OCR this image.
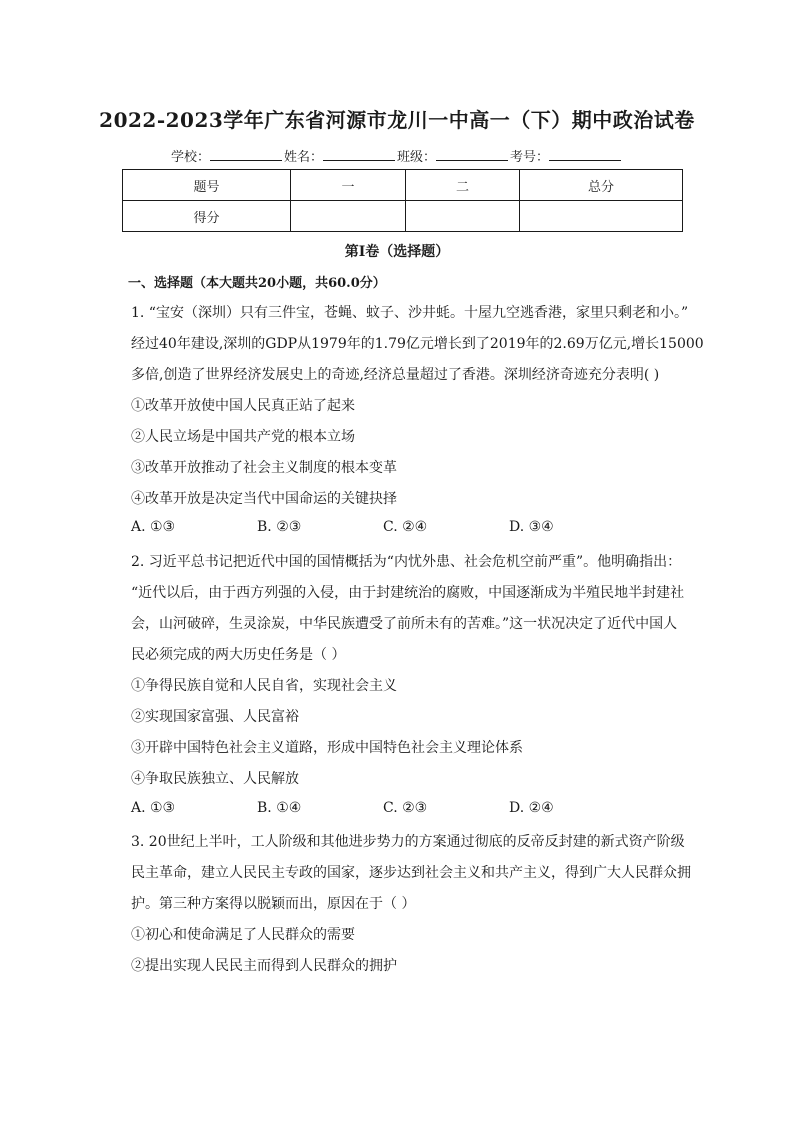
2022-2023学年广东省河源市龙川一中高一（下）期中政治试卷
学校：	姓名：	班级：	考号：
题号	一	二	总分
得分			
第I卷（选择题）
一、选择题（本大题共20小题，共60.0分）
1. “宝安（深圳）只有三件宝，苍蝇、蚊子、沙井蚝。十屋九空逃香港，家里只剩老和小。”
经过40年建设,深圳的GDP从1979年的1.79亿元增长到了2019年的2.69万亿元,增长15000
多倍,创造了世界经济发展史上的奇迹,经济总量超过了香港。深圳经济奇迹充分表明( )
①改革开放使中国人民真正站了起来
②人民立场是中国共产党的根本立场
③改革开放推动了社会主义制度的根本变革
④改革开放是决定当代中国命运的关键抉择
A. ①③	B. ②③	C. ②④	D. ③④
2. 习近平总书记把近代中国的国情概括为“内忧外患、社会危机空前严重”。他明确指出：
“近代以后，由于西方列强的入侵，由于封建统治的腐败，中国逐渐成为半殖民地半封建社
会，山河破碎，生灵涂炭，中华民族遭受了前所未有的苦难。”这一状况决定了近代中国人
民必须完成的两大历史任务是（ ）
①争得民族自觉和人民自省，实现社会主义
②实现国家富强、人民富裕
③开辟中国特色社会主义道路，形成中国特色社会主义理论体系
④争取民族独立、人民解放
A. ①③	B. ①④	C. ②③	D. ②④
3. 20世纪上半叶，工人阶级和其他进步势力的方案通过彻底的反帝反封建的新式资产阶级
民主革命，建立人民民主专政的国家，逐步达到社会主义和共产主义，得到广大人民群众拥
护。第三种方案得以脱颖而出，原因在于（ ）
①初心和使命满足了人民群众的需要
②提出实现人民民主而得到人民群众的拥护
